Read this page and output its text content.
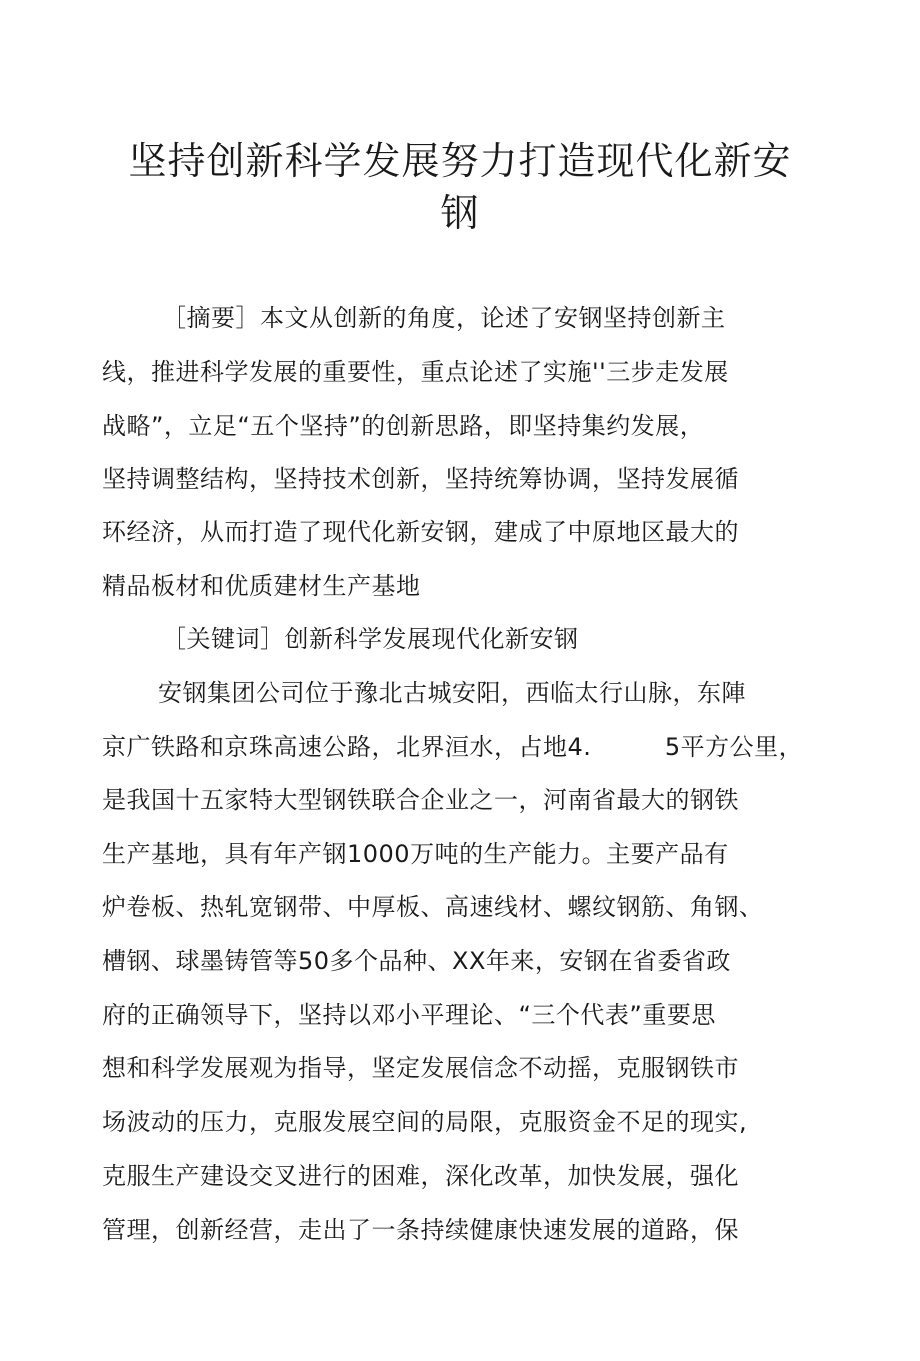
坚持创新科学发展努力打造现代化新安
钢
［摘要］本文从创新的角度，论述了安钢坚持创新主
线，推进科学发展的重要性，重点论述了实施''三步走发展
战略”，立足“五个坚持”的创新思路，即坚持集约发展，
坚持调整结构，坚持技术创新，坚持统筹协调，坚持发展循
环经济，从而打造了现代化新安钢，建成了中原地区最大的
精品板材和优质建材生产基地
［关键词］创新科学发展现代化新安钢
安钢集团公司位于豫北古城安阳，西临太行山脉，东陣
京广铁路和京珠高速公路，北界洹水，占地4.　　　5平方公里，
是我国十五家特大型钢铁联合企业之一，河南省最大的钢铁
生产基地，具有年产钢1000万吨的生产能力。主要产品有
炉卷板、热轧宽钢带、中厚板、高速线材、螺纹钢筋、角钢、
槽钢、球墨铸管等50多个品种、XX年来，安钢在省委省政
府的正确领导下，坚持以邓小平理论、“三个代表”重要思
想和科学发展观为指导，坚定发展信念不动摇，克服钢铁市
场波动的压力，克服发展空间的局限，克服资金不足的现实,
克服生产建设交叉进行的困难，深化改革，加快发展，强化
管理，创新经营，走出了一条持续健康快速发展的道路，保
